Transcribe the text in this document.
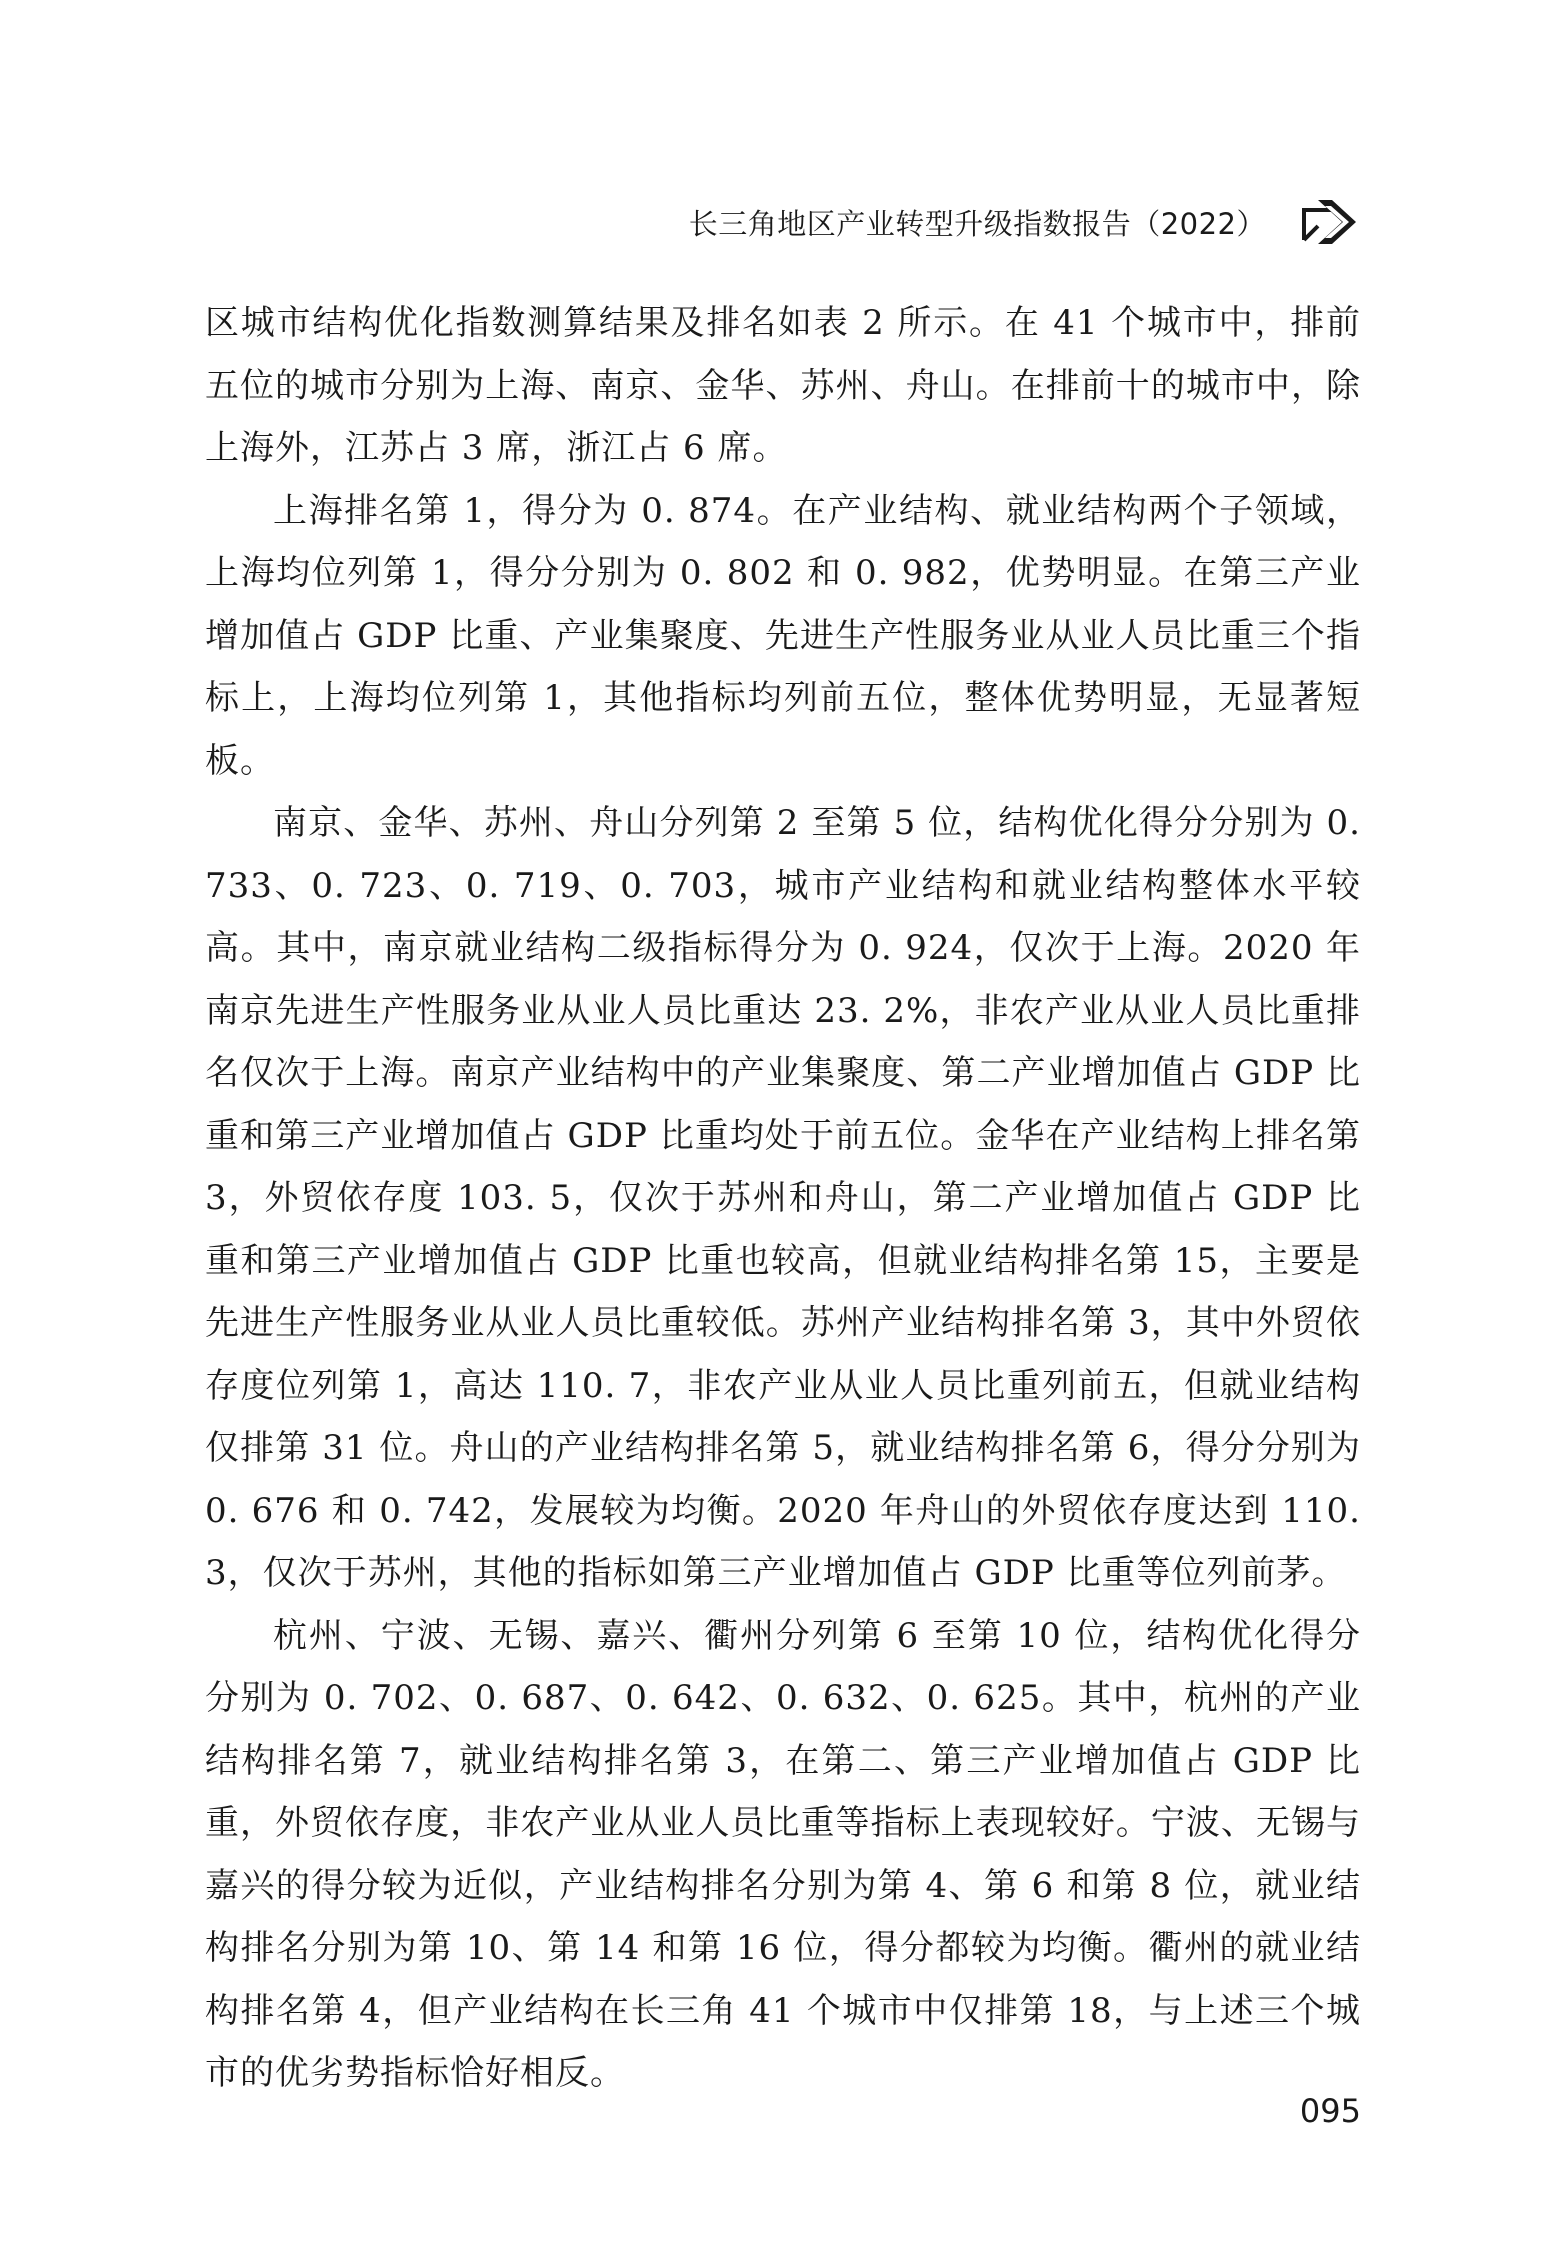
长三角地区产业转型升级指数报告（2022）

区城市结构优化指数测算结果及排名如表 2 所示。在 41 个城市中，排前五位的城市分别为上海、南京、金华、苏州、舟山。在排前十的城市中，除上海外，江苏占 3 席，浙江占 6 席。

上海排名第 1，得分为 0. 874。在产业结构、就业结构两个子领域，上海均位列第 1，得分分别为 0. 802 和 0. 982，优势明显。在第三产业增加值占 GDP 比重、产业集聚度、先进生产性服务业从业人员比重三个指标上，上海均位列第 1，其他指标均列前五位，整体优势明显，无显著短板。

南京、金华、苏州、舟山分列第 2 至第 5 位，结构优化得分分别为 0. 733、0. 723、0. 719、0. 703，城市产业结构和就业结构整体水平较高。其中，南京就业结构二级指标得分为 0. 924，仅次于上海。2020 年南京先进生产性服务业从业人员比重达 23. 2%，非农产业从业人员比重排名仅次于上海。南京产业结构中的产业集聚度、第二产业增加值占 GDP 比重和第三产业增加值占 GDP 比重均处于前五位。金华在产业结构上排名第 3，外贸依存度 103. 5，仅次于苏州和舟山，第二产业增加值占 GDP 比重和第三产业增加值占 GDP 比重也较高，但就业结构排名第 15，主要是先进生产性服务业从业人员比重较低。苏州产业结构排名第 3，其中外贸依存度位列第 1，高达 110. 7，非农产业从业人员比重列前五，但就业结构仅排第 31 位。舟山的产业结构排名第 5，就业结构排名第 6，得分分别为 0. 676 和 0. 742，发展较为均衡。2020 年舟山的外贸依存度达到 110. 3，仅次于苏州，其他的指标如第三产业增加值占 GDP 比重等位列前茅。

杭州、宁波、无锡、嘉兴、衢州分列第 6 至第 10 位，结构优化得分分别为 0. 702、0. 687、0. 642、0. 632、0. 625。其中，杭州的产业结构排名第 7，就业结构排名第 3，在第二、第三产业增加值占 GDP 比重，外贸依存度，非农产业从业人员比重等指标上表现较好。宁波、无锡与嘉兴的得分较为近似，产业结构排名分别为第 4、第 6 和第 8 位，就业结构排名分别为第 10、第 14 和第 16 位，得分都较为均衡。衢州的就业结构排名第 4，但产业结构在长三角 41 个城市中仅排第 18，与上述三个城市的优劣势指标恰好相反。

095
